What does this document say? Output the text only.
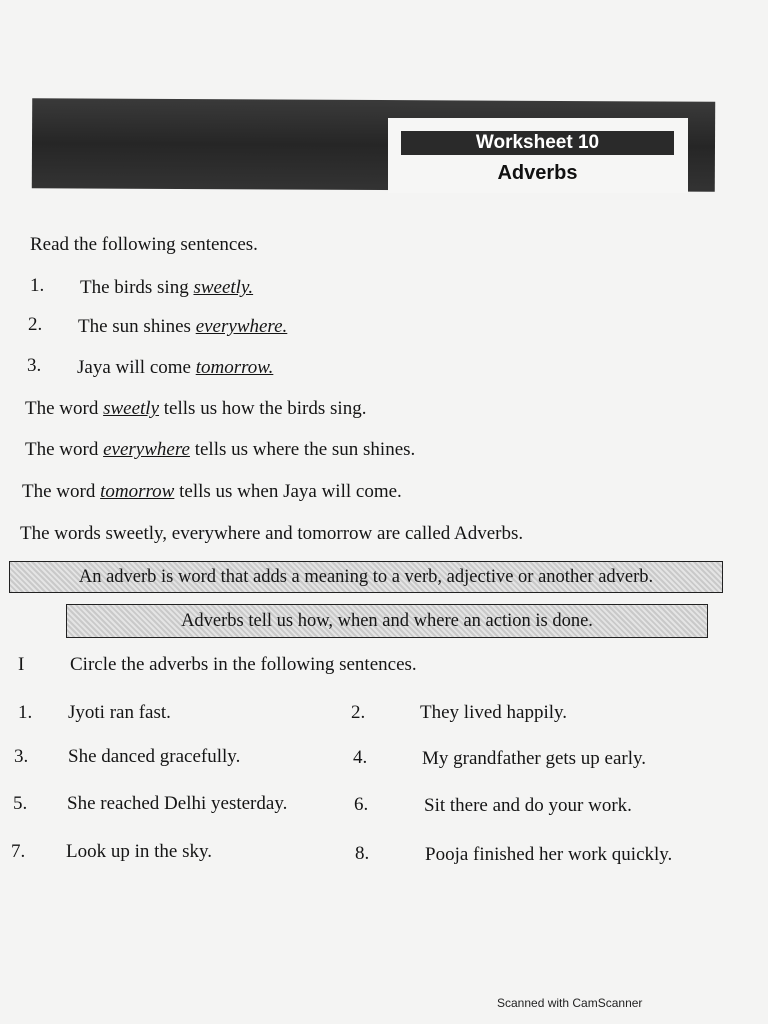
Worksheet 10
Adverbs
Read the following sentences.
1. The birds sing sweetly.
2. The sun shines everywhere.
3. Jaya will come tomorrow.
The word sweetly tells us how the birds sing.
The word everywhere tells us where the sun shines.
The word tomorrow tells us when Jaya will come.
The words sweetly, everywhere and tomorrow are called Adverbs.
An adverb is word that adds a meaning to a verb, adjective or another adverb.
Adverbs tell us how, when and where an action is done.
I Circle the adverbs in the following sentences.
1. Jyoti ran fast.	2.	They lived happily.
3. She danced gracefully.	4.	My grandfather gets up early.
5. She reached Delhi yesterday.	6.	Sit there and do your work.
7. Look up in the sky.	8.	Pooja finished her work quickly.
Scanned with CamScanner
